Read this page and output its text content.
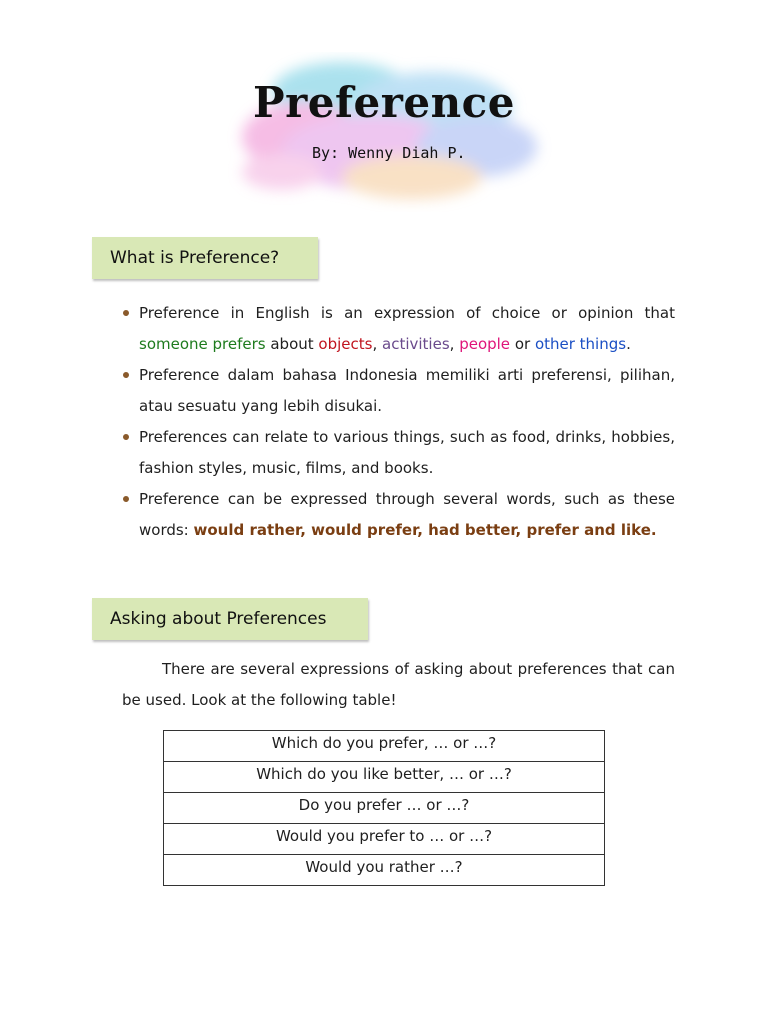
Preference
By: Wenny Diah P.
What is Preference?
Preference in English is an expression of choice or opinion that someone prefers about objects, activities, people or other things.
Preference dalam bahasa Indonesia memiliki arti preferensi, pilihan, atau sesuatu yang lebih disukai.
Preferences can relate to various things, such as food, drinks, hobbies, fashion styles, music, films, and books.
Preference can be expressed through several words, such as these words: would rather, would prefer, had better, prefer and like.
Asking about Preferences

There are several expressions of asking about preferences that can be used. Look at the following table!

Which do you prefer, … or …?
Which do you like better, … or …?
Do you prefer … or …?
Would you prefer to … or …?
Would you rather …?
